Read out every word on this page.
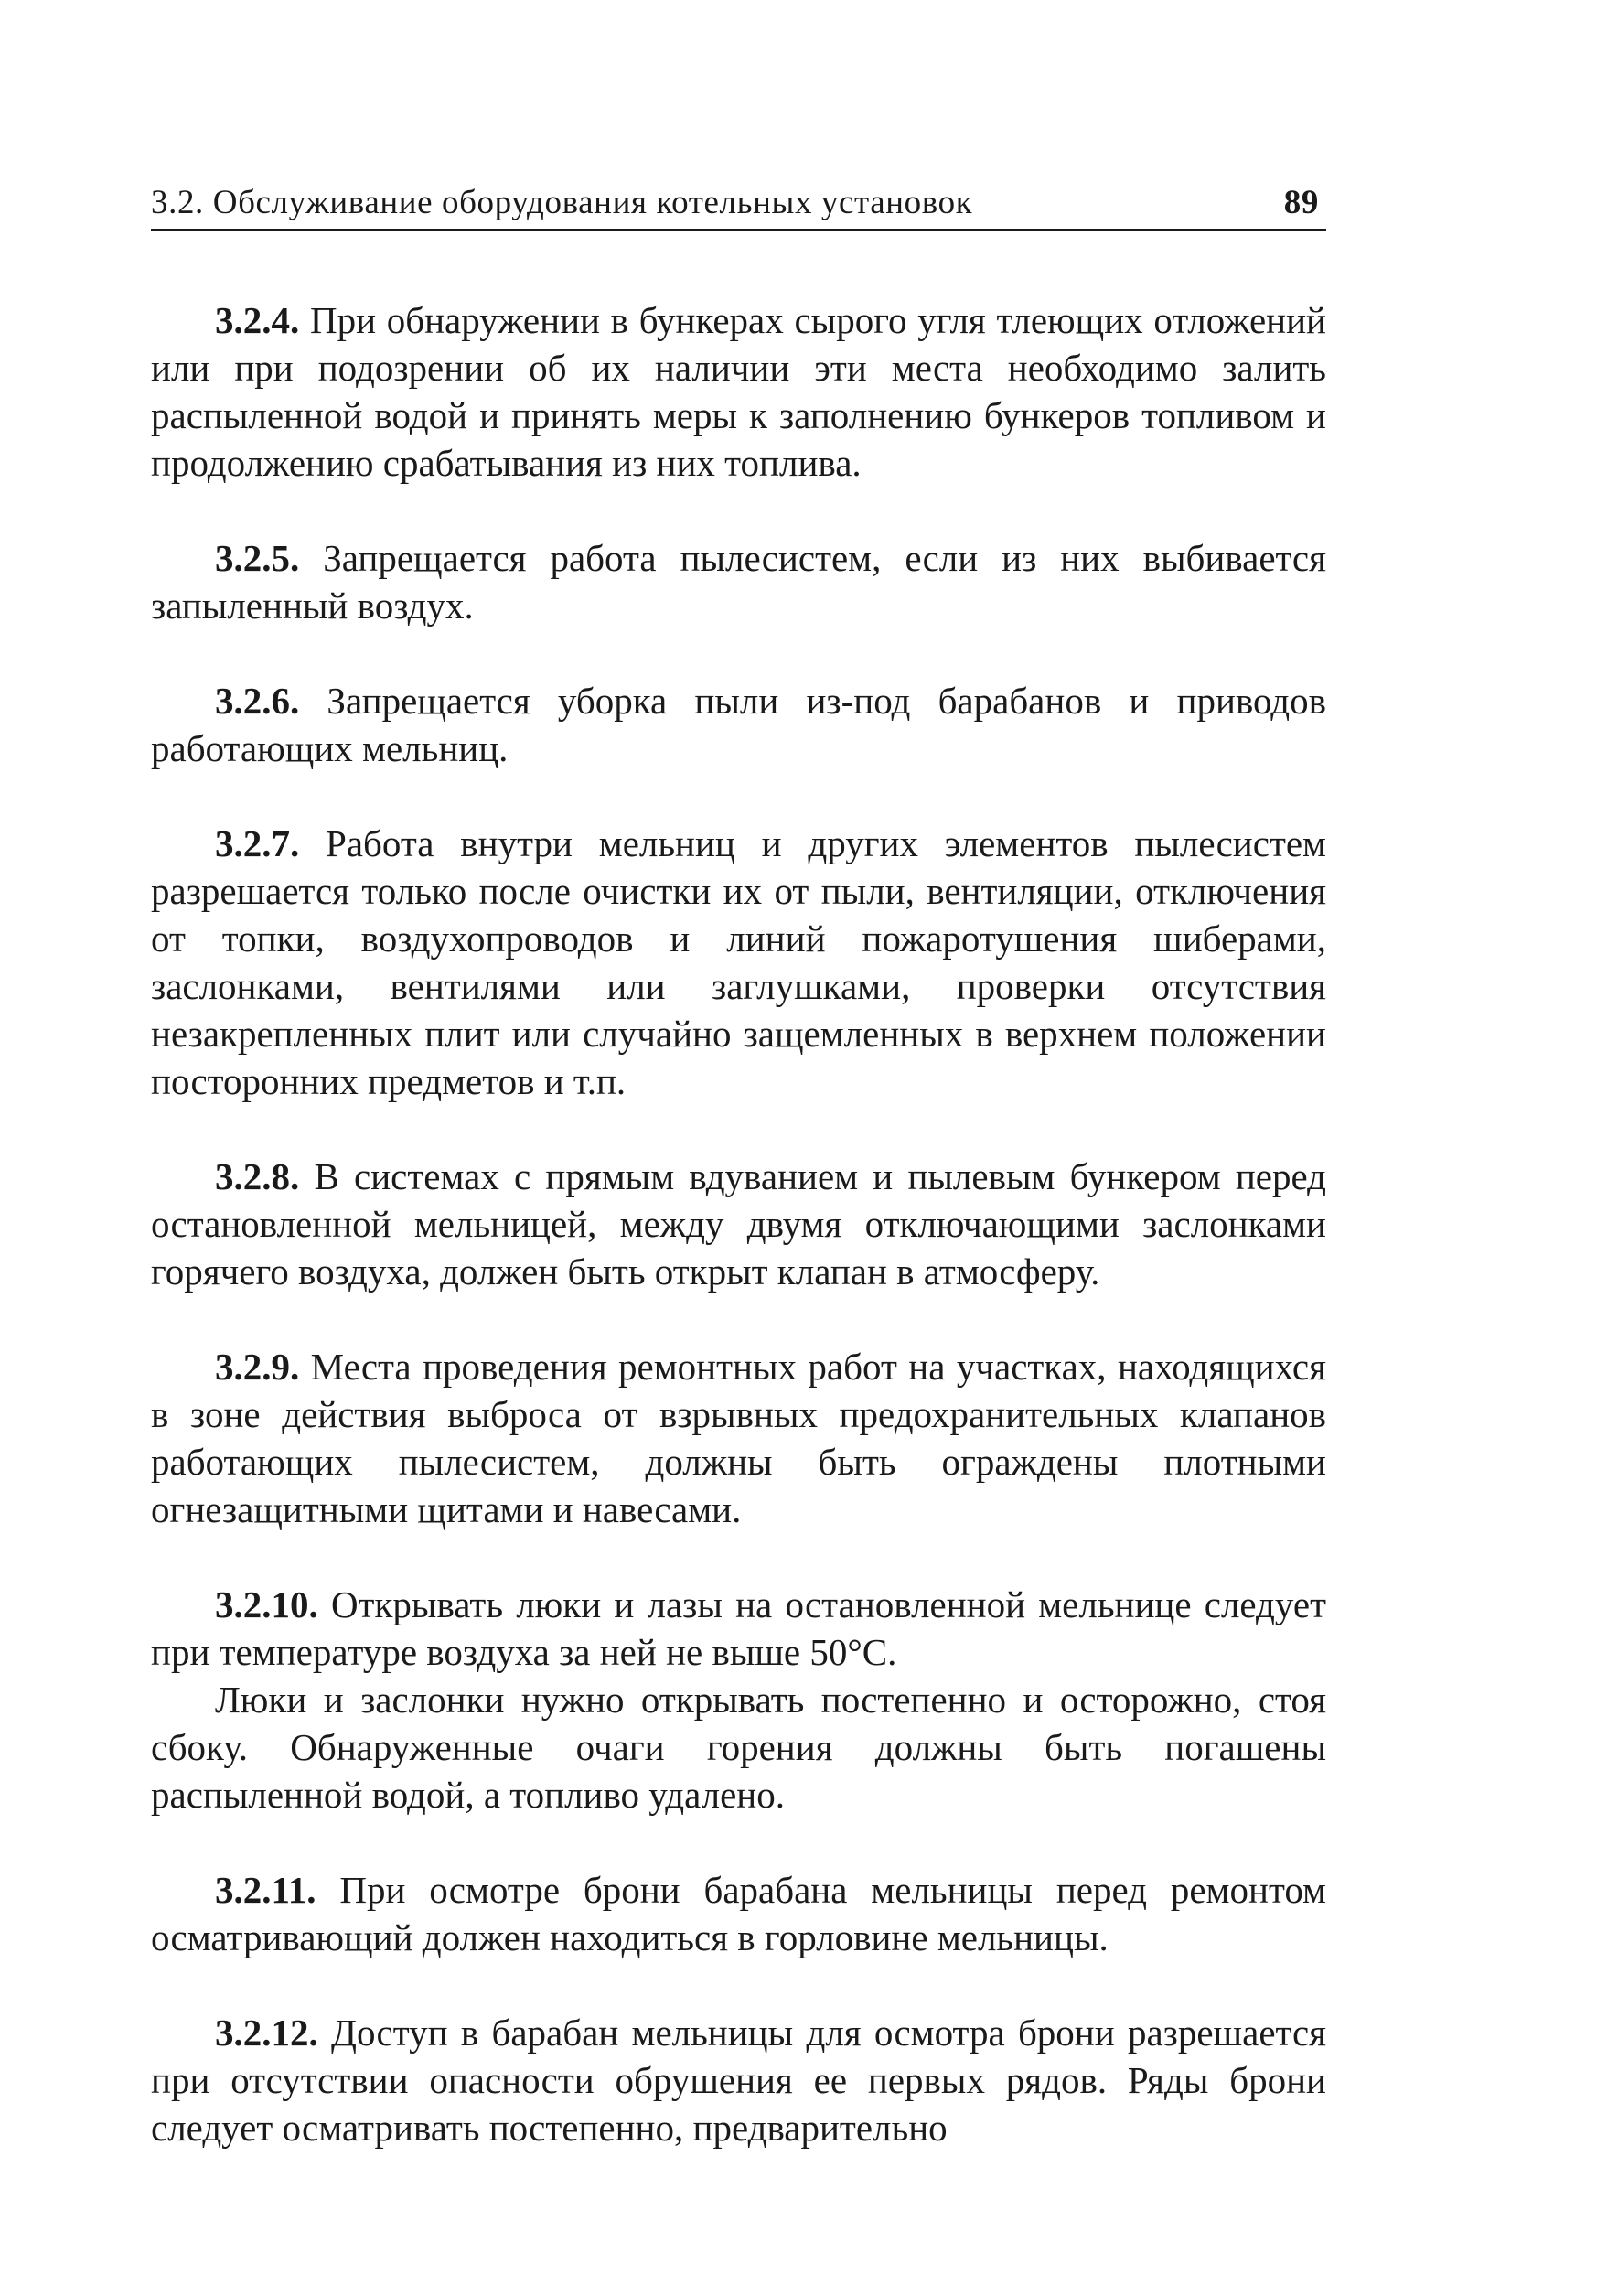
3.2. Обслуживание оборудования котельных установок	89

3.2.4. При обнаружении в бункерах сырого угля тлеющих отложений или при подозрении об их наличии эти места необходимо залить распыленной водой и принять меры к заполнению бункеров топливом и продолжению срабатывания из них топлива.

3.2.5. Запрещается работа пылесистем, если из них выбивается запыленный воздух.

3.2.6. Запрещается уборка пыли из-под барабанов и приводов работающих мельниц.

3.2.7. Работа внутри мельниц и других элементов пылесистем разрешается только после очистки их от пыли, вентиляции, отключения от топки, воздухопроводов и линий пожаротушения шиберами, заслонками, вентилями или заглушками, проверки отсутствия незакрепленных плит или случайно защемленных в верхнем положении посторонних предметов и т.п.

3.2.8. В системах с прямым вдуванием и пылевым бункером перед остановленной мельницей, между двумя отключающими заслонками горячего воздуха, должен быть открыт клапан в атмосферу.

3.2.9. Места проведения ремонтных работ на участках, находящихся в зоне действия выброса от взрывных предохранительных клапанов работающих пылесистем, должны быть ограждены плотными огнезащитными щитами и навесами.

3.2.10. Открывать люки и лазы на остановленной мельнице следует при температуре воздуха за ней не выше 50°С.

Люки и заслонки нужно открывать постепенно и осторожно, стоя сбоку. Обнаруженные очаги горения должны быть погашены распыленной водой, а топливо удалено.

3.2.11. При осмотре брони барабана мельницы перед ремонтом осматривающий должен находиться в горловине мельницы.

3.2.12. Доступ в барабан мельницы для осмотра брони разрешается при отсутствии опасности обрушения ее первых рядов. Ряды брони следует осматривать постепенно, предварительно
